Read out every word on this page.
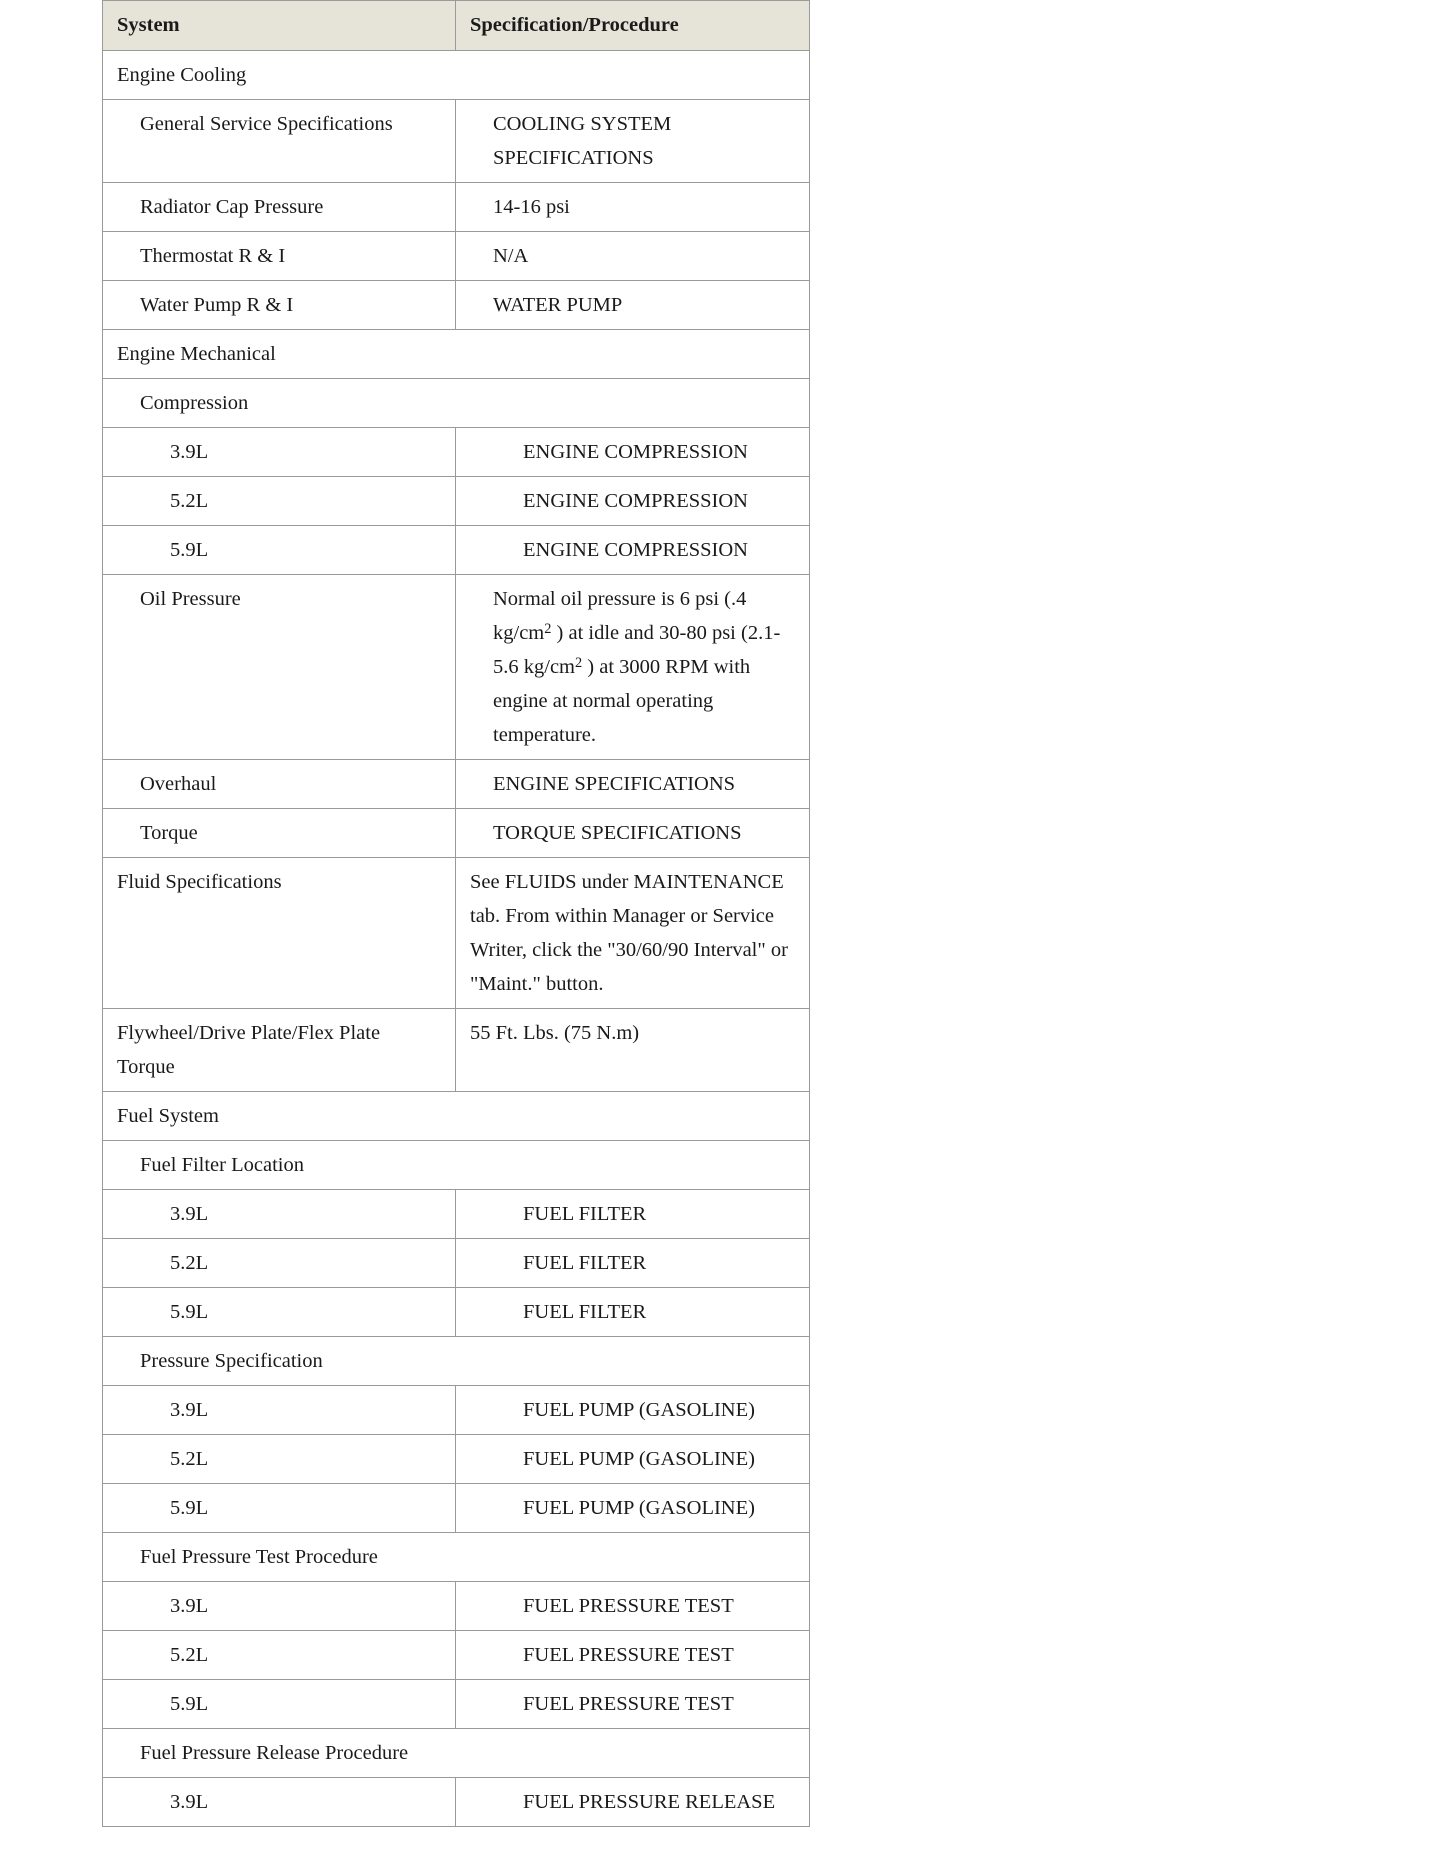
System	Specification/Procedure
Engine Cooling	
General Service Specifications	COOLING SYSTEM SPECIFICATIONS
Radiator Cap Pressure	14-16 psi
Thermostat R & I	N/A
Water Pump R & I	WATER PUMP
Engine Mechanical	
Compression	
3.9L	ENGINE COMPRESSION
5.2L	ENGINE COMPRESSION
5.9L	ENGINE COMPRESSION
Oil Pressure	Normal oil pressure is 6 psi (.4 $kg/cm^2$ ) at idle and 30-80 psi (2.1-5.6 $kg/cm^2$ ) at 3000 RPM with engine at normal operating temperature.
Overhaul	ENGINE SPECIFICATIONS
Torque	TORQUE SPECIFICATIONS
Fluid Specifications	See FLUIDS under MAINTENANCE tab. From within Manager or Service Writer, click the "30/60/90 Interval" or "Maint." button.
Flywheel/Drive Plate/Flex Plate Torque	55 Ft. Lbs. (75 N.m)
Fuel System	
Fuel Filter Location	
3.9L	FUEL FILTER
5.2L	FUEL FILTER
5.9L	FUEL FILTER
Pressure Specification	
3.9L	FUEL PUMP (GASOLINE)
5.2L	FUEL PUMP (GASOLINE)
5.9L	FUEL PUMP (GASOLINE)
Fuel Pressure Test Procedure	
3.9L	FUEL PRESSURE TEST
5.2L	FUEL PRESSURE TEST
5.9L	FUEL PRESSURE TEST
Fuel Pressure Release Procedure	
3.9L	FUEL PRESSURE RELEASE
